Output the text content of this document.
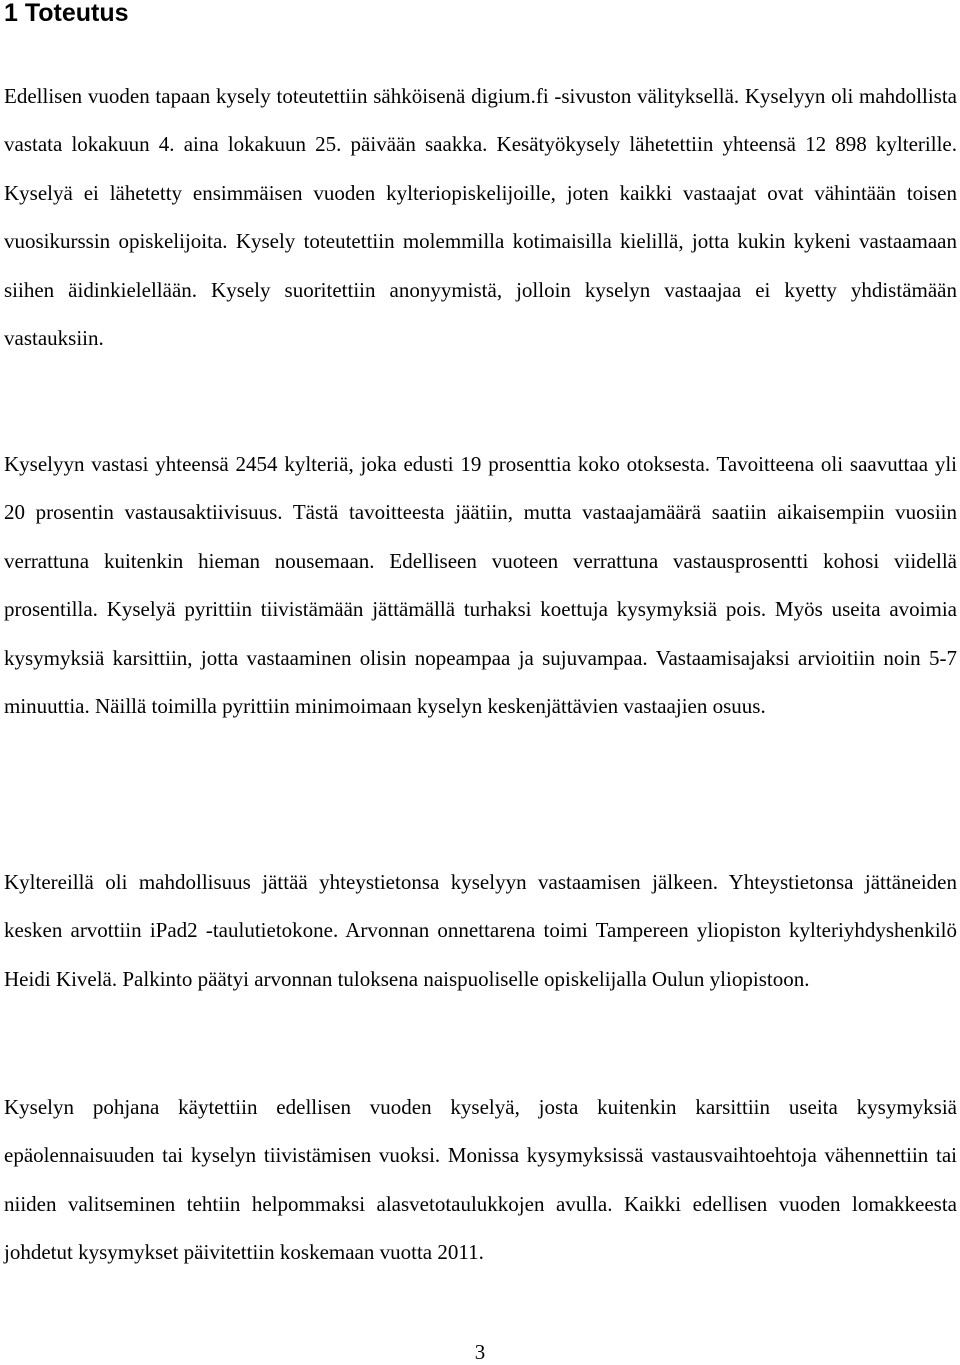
1 Toteutus

Edellisen vuoden tapaan kysely toteutettiin sähköisenä digium.fi -sivuston välityksellä. Kyselyyn oli mahdollista vastata lokakuun 4. aina lokakuun 25. päivään saakka. Kesätyökysely lähetettiin yhteensä 12 898 kylterille. Kyselyä ei lähetetty ensimmäisen vuoden kylteriopiskelijoille, joten kaikki vastaajat ovat vähintään toisen vuosikurssin opiskelijoita. Kysely toteutettiin molemmilla kotimaisilla kielillä, jotta kukin kykeni vastaamaan siihen äidinkielellään. Kysely suoritettiin anonyymistä, jolloin kyselyn vastaajaa ei kyetty yhdistämään vastauksiin.

Kyselyyn vastasi yhteensä 2454 kylteriä, joka edusti 19 prosenttia koko otoksesta. Tavoitteena oli saavuttaa yli 20 prosentin vastausaktiivisuus. Tästä tavoitteesta jäätiin, mutta vastaajamäärä saatiin aikaisempiin vuosiin verrattuna kuitenkin hieman nousemaan. Edelliseen vuoteen verrattuna vastausprosentti kohosi viidellä prosentilla. Kyselyä pyrittiin tiivistämään jättämällä turhaksi koettuja kysymyksiä pois. Myös useita avoimia kysymyksiä karsittiin, jotta vastaaminen olisin nopeampaa ja sujuvampaa. Vastaamisajaksi arvioitiin noin 5-7 minuuttia. Näillä toimilla pyrittiin minimoimaan kyselyn keskenjättävien vastaajien osuus.

Kyltereillä oli mahdollisuus jättää yhteystietonsa kyselyyn vastaamisen jälkeen. Yhteystietonsa jättäneiden kesken arvottiin iPad2 -taulutietokone. Arvonnan onnettarena toimi Tampereen yliopiston kylteriyhdyshenkilö Heidi Kivelä. Palkinto päätyi arvonnan tuloksena naispuoliselle opiskelijalla Oulun yliopistoon.

Kyselyn pohjana käytettiin edellisen vuoden kyselyä, josta kuitenkin karsittiin useita kysymyksiä epäolennaisuuden tai kyselyn tiivistämisen vuoksi. Monissa kysymyksissä vastausvaihtoehtoja vähennettiin tai niiden valitseminen tehtiin helpommaksi alasvetotaulukkojen avulla. Kaikki edellisen vuoden lomakkeesta johdetut kysymykset päivitettiin koskemaan vuotta 2011.

3
